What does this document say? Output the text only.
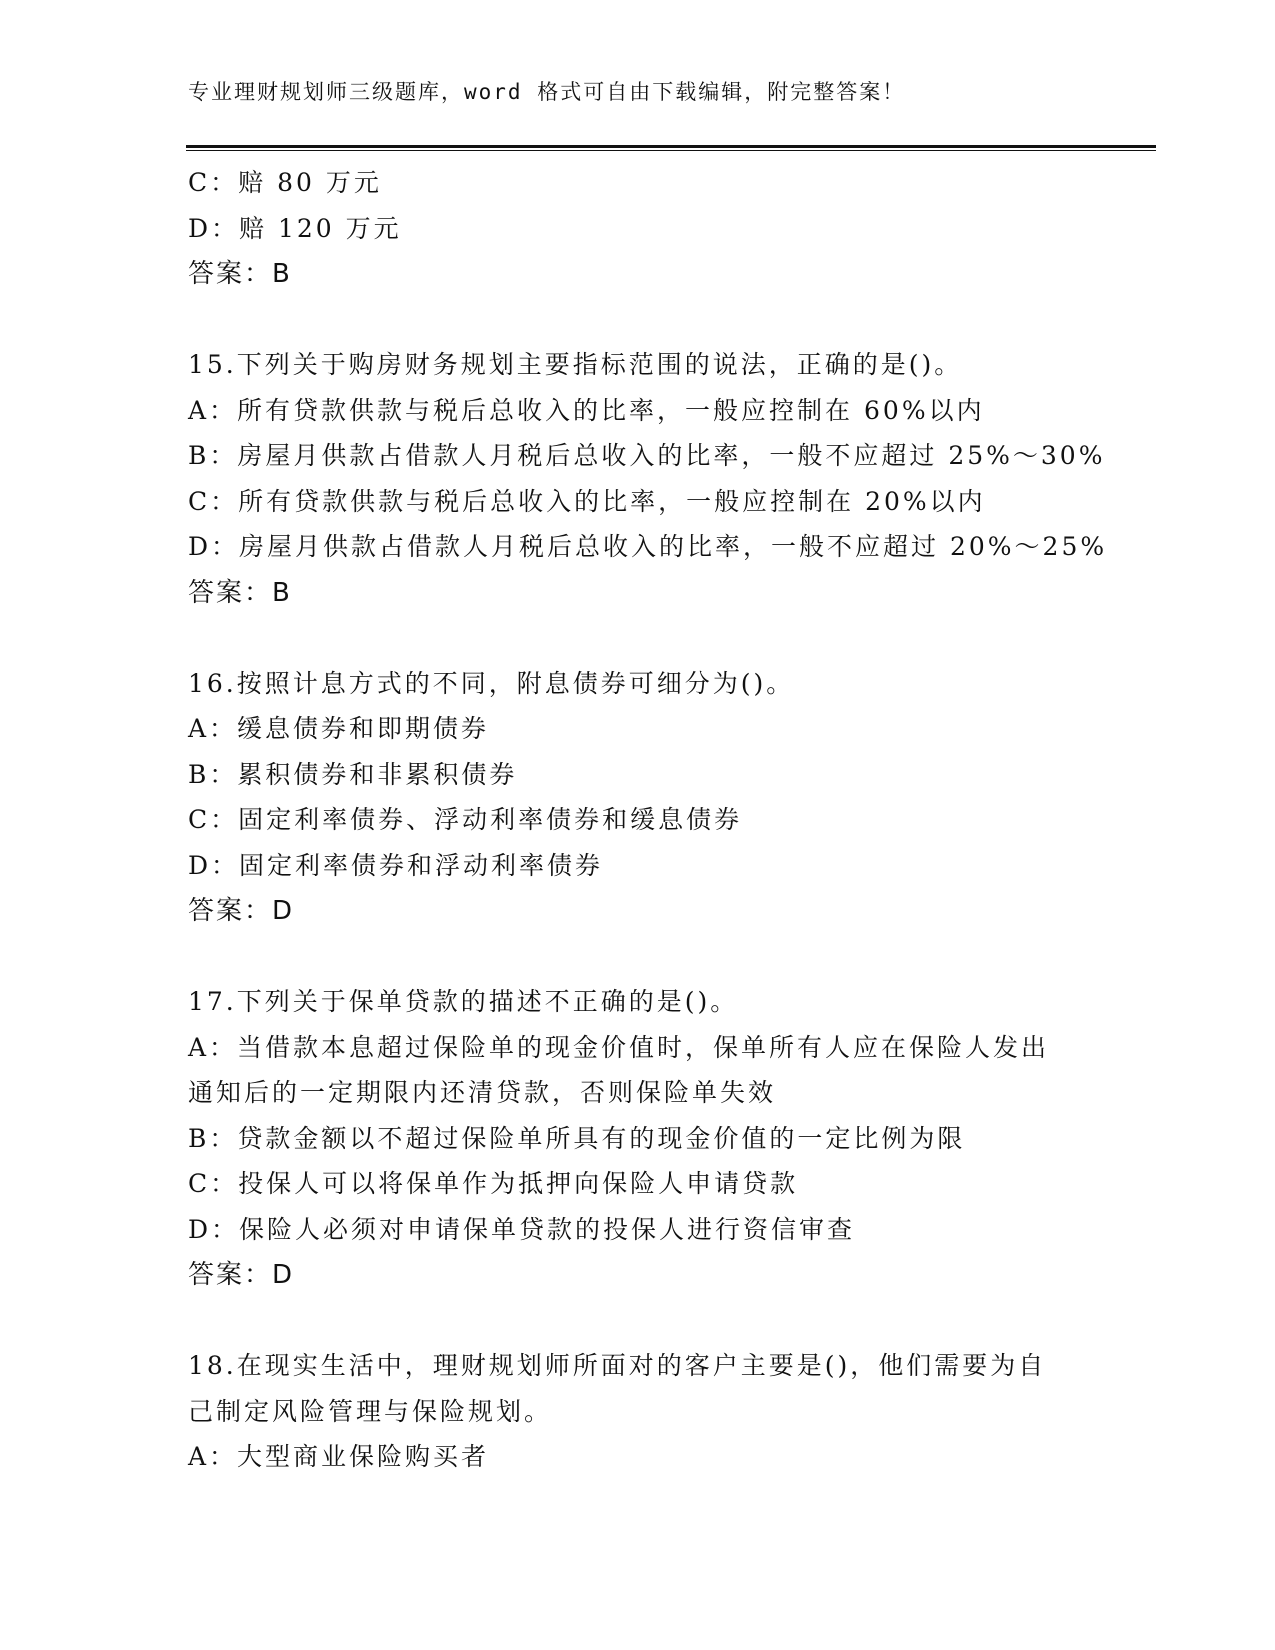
专业理财规划师三级题库，word 格式可自由下载编辑，附完整答案！
C：赔 80 万元
D：赔 120 万元
答案：B
15.下列关于购房财务规划主要指标范围的说法，正确的是()。
A：所有贷款供款与税后总收入的比率，一般应控制在 60%以内
B：房屋月供款占借款人月税后总收入的比率，一般不应超过 25%～30%
C：所有贷款供款与税后总收入的比率，一般应控制在 20%以内
D：房屋月供款占借款人月税后总收入的比率，一般不应超过 20%～25%
答案：B
16.按照计息方式的不同，附息债券可细分为()。
A：缓息债券和即期债券
B：累积债券和非累积债券
C：固定利率债券、浮动利率债券和缓息债券
D：固定利率债券和浮动利率债券
答案：D
17.下列关于保单贷款的描述不正确的是()。
A：当借款本息超过保险单的现金价值时，保单所有人应在保险人发出
通知后的一定期限内还清贷款，否则保险单失效
B：贷款金额以不超过保险单所具有的现金价值的一定比例为限
C：投保人可以将保单作为抵押向保险人申请贷款
D：保险人必须对申请保单贷款的投保人进行资信审查
答案：D
18.在现实生活中，理财规划师所面对的客户主要是()，他们需要为自
己制定风险管理与保险规划。
A：大型商业保险购买者
